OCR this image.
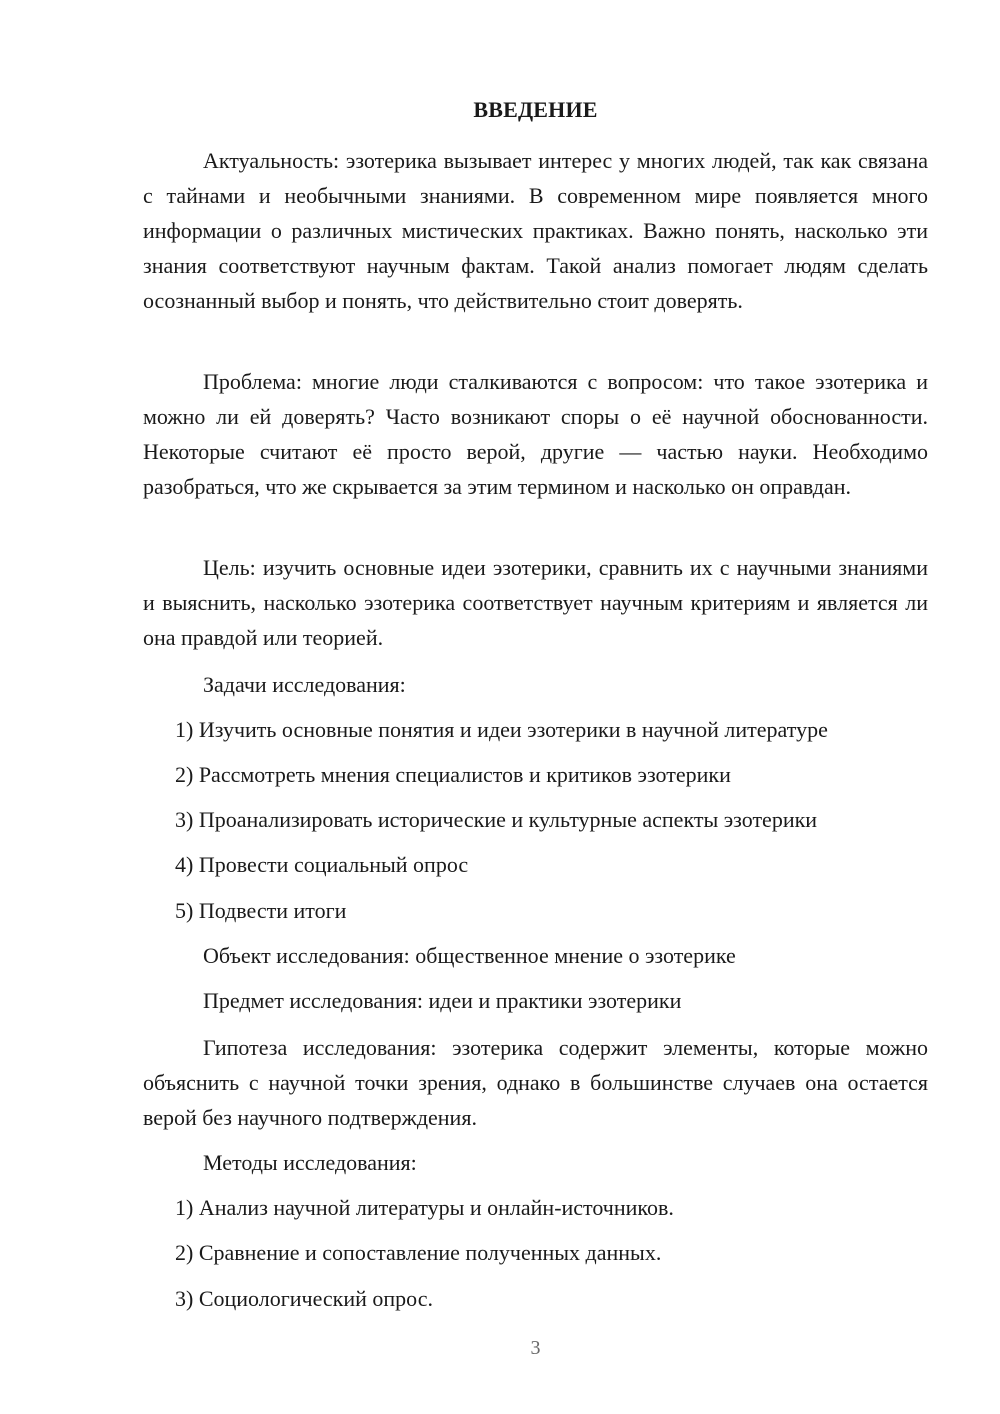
ВВЕДЕНИЕ

Актуальность: эзотерика вызывает интерес у многих людей, так как связана с тайнами и необычными знаниями. В современном мире появляется много информации о различных мистических практиках. Важно понять, насколько эти знания соответствуют научным фактам. Такой анализ помогает людям сделать осознанный выбор и понять, что действительно стоит доверять.

Проблема: многие люди сталкиваются с вопросом: что такое эзотерика и можно ли ей доверять? Часто возникают споры о её научной обоснованности. Некоторые считают её просто верой, другие — частью науки. Необходимо разобраться, что же скрывается за этим термином и насколько он оправдан.

Цель: изучить основные идеи эзотерики, сравнить их с научными знаниями и выяснить, насколько эзотерика соответствует научным критериям и является ли она правдой или теорией.

Задачи исследования:

1) Изучить основные понятия и идеи эзотерики в научной литературе

2) Рассмотреть мнения специалистов и критиков эзотерики

3) Проанализировать исторические и культурные аспекты эзотерики

4) Провести социальный опрос

5) Подвести итоги

Объект исследования: общественное мнение о эзотерике

Предмет исследования: идеи и практики эзотерики

Гипотеза исследования: эзотерика содержит элементы, которые можно объяснить с научной точки зрения, однако в большинстве случаев она остается верой без научного подтверждения.

Методы исследования:

1) Анализ научной литературы и онлайн-источников.

2) Сравнение и сопоставление полученных данных.

3) Социологический опрос.

3
